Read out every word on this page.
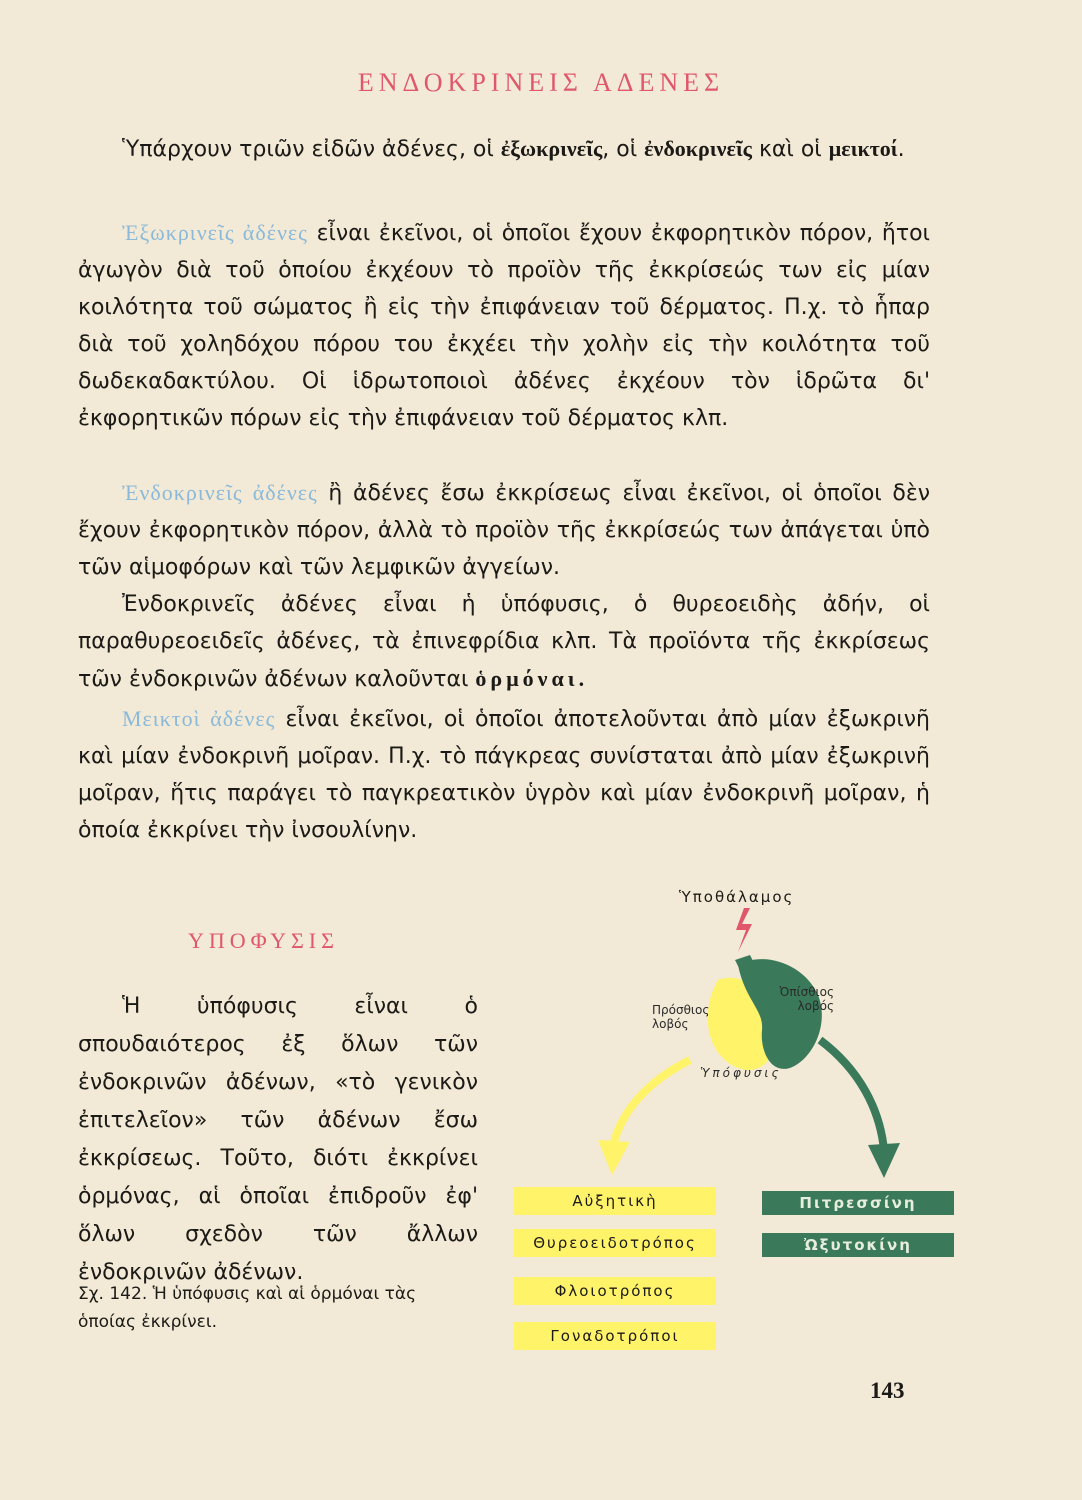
ΕΝΔΟΚΡΙΝΕΙΣ ΑΔΕΝΕΣ
Ὑπάρχουν τριῶν εἰδῶν ἀδένες, οἱ ἐξωκρινεῖς, οἱ ἐνδοκρινεῖς καὶ οἱ μεικτοί.
Ἐξωκρινεῖς ἀδένες εἶναι ἐκεῖνοι, οἱ ὁποῖοι ἔχουν ἐκφορητικὸν πόρον, ἤτοι ἀγωγὸν διὰ τοῦ ὁποίου ἐκχέουν τὸ προϊὸν τῆς ἐκκρίσεώς των εἰς μίαν κοιλότητα τοῦ σώματος ἢ εἰς τὴν ἐπιφάνειαν τοῦ δέρματος. Π.χ. τὸ ἧπαρ διὰ τοῦ χοληδόχου πόρου του ἐκχέει τὴν χολὴν εἰς τὴν κοιλότητα τοῦ δωδεκαδακτύλου. Οἱ ἱδρωτοποιοὶ ἀδένες ἐκχέουν τὸν ἱδρῶτα δι' ἐκφορητικῶν πόρων εἰς τὴν ἐπιφάνειαν τοῦ δέρματος κλπ.
Ἐνδοκρινεῖς ἀδένες ἢ ἀδένες ἔσω ἐκκρίσεως εἶναι ἐκεῖνοι, οἱ ὁποῖοι δὲν ἔχουν ἐκφορητικὸν πόρον, ἀλλὰ τὸ προϊὸν τῆς ἐκκρίσεώς των ἀπάγεται ὑπὸ τῶν αἱμοφόρων καὶ τῶν λεμφικῶν ἀγγείων.
Ἐνδοκρινεῖς ἀδένες εἶναι ἡ ὑπόφυσις, ὁ θυρεοειδὴς ἀδήν, οἱ παραθυρεοειδεῖς ἀδένες, τὰ ἐπινεφρίδια κλπ. Τὰ προϊόντα τῆς ἐκκρίσεως τῶν ἐνδοκρινῶν ἀδένων καλοῦνται ὁρμόναι.
Μεικτοὶ ἀδένες εἶναι ἐκεῖνοι, οἱ ὁποῖοι ἀποτελοῦνται ἀπὸ μίαν ἐξωκρινῆ καὶ μίαν ἐνδοκρινῆ μοῖραν. Π.χ. τὸ πάγκρεας συνίσταται ἀπὸ μίαν ἐξωκρινῆ μοῖραν, ἥτις παράγει τὸ παγκρεατικὸν ὑγρὸν καὶ μίαν ἐνδοκρινῆ μοῖραν, ἡ ὁποία ἐκκρίνει τὴν ἰνσουλίνην.
ΥΠΟΦΥΣΙΣ
Ἡ ὑπόφυσις εἶναι ὁ σπουδαιότερος ἐξ ὅλων τῶν ἐνδοκρινῶν ἀδένων, «τὸ γενικὸν ἐπιτελεῖον» τῶν ἀδένων ἔσω ἐκκρίσεως. Τοῦτο, διότι ἐκκρίνει ὁρμόνας, αἱ ὁποῖαι ἐπιδροῦν ἐφ' ὅλων σχεδὸν τῶν ἄλλων ἐνδοκρινῶν ἀδένων.
Σχ. 142. Ἡ ὑπόφυσις καὶ αἱ ὁρμόναι τὰς ὁποίας ἐκκρίνει.
Ὑποθάλαμος
Πρόσθιος λοβός
Ὀπίσθιος λοβός
Ὑπόφυσις
Αὐξητικὴ
Θυρεοειδοτρόπος
Φλοιοτρόπος
Γοναδοτρόποι
Πιτρεσσίνη
Ὠξυτοκίνη
143
